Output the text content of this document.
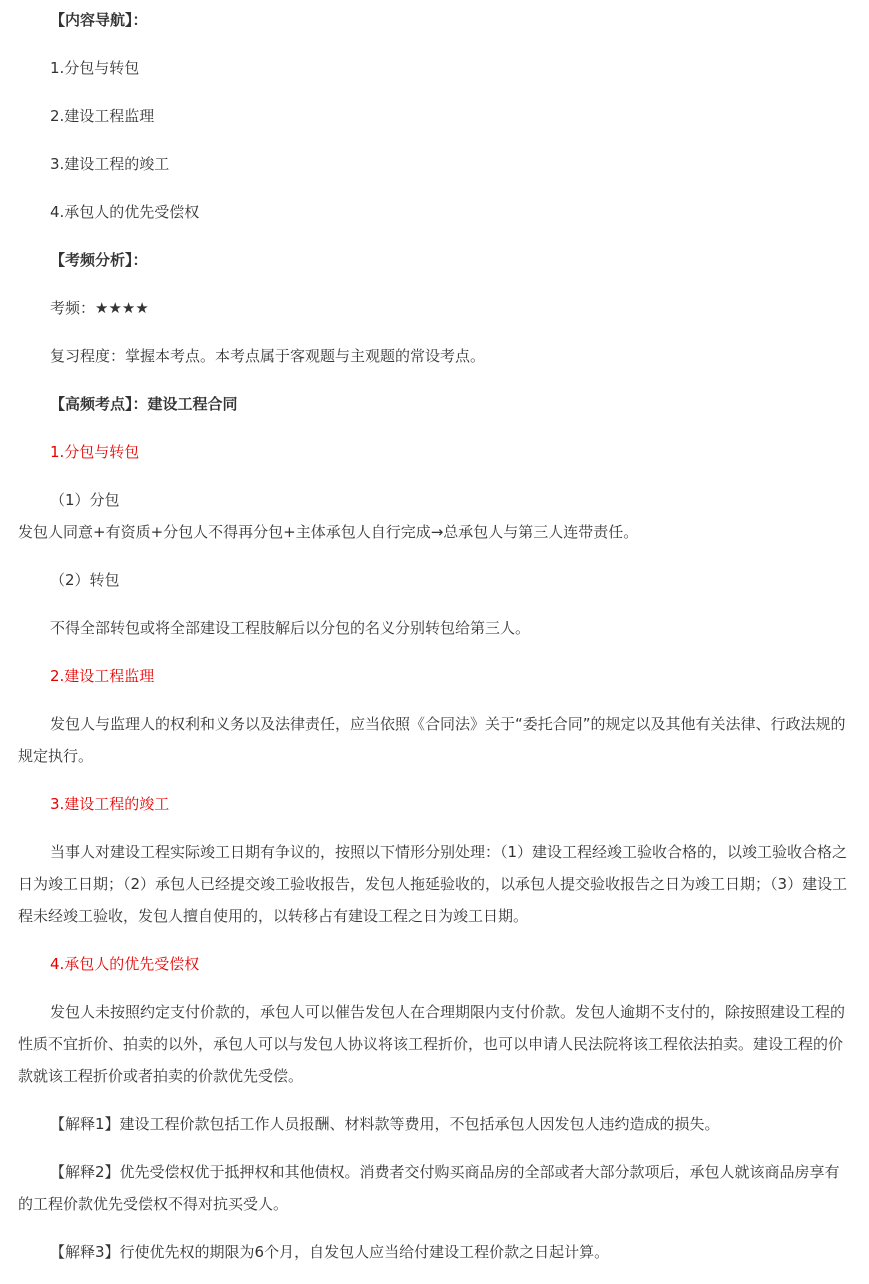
【内容导航】：

1.分包与转包

2.建设工程监理

3.建设工程的竣工

4.承包人的优先受偿权

【考频分析】：

考频：★★★★

复习程度：掌握本考点。本考点属于客观题与主观题的常设考点。

【高频考点】：建设工程合同

1.分包与转包

（1）分包

发包人同意+有资质+分包人不得再分包+主体承包人自行完成→总承包人与第三人连带责任。

（2）转包

不得全部转包或将全部建设工程肢解后以分包的名义分别转包给第三人。

2.建设工程监理

发包人与监理人的权利和义务以及法律责任，应当依照《合同法》关于“委托合同”的规定以及其他有关法律、行政法规的规定执行。

3.建设工程的竣工

当事人对建设工程实际竣工日期有争议的，按照以下情形分别处理：（1）建设工程经竣工验收合格的，以竣工验收合格之日为竣工日期；（2）承包人已经提交竣工验收报告，发包人拖延验收的，以承包人提交验收报告之日为竣工日期；（3）建设工程未经竣工验收，发包人擅自使用的，以转移占有建设工程之日为竣工日期。

4.承包人的优先受偿权

发包人未按照约定支付价款的，承包人可以催告发包人在合理期限内支付价款。发包人逾期不支付的，除按照建设工程的性质不宜折价、拍卖的以外，承包人可以与发包人协议将该工程折价，也可以申请人民法院将该工程依法拍卖。建设工程的价款就该工程折价或者拍卖的价款优先受偿。

【解释1】建设工程价款包括工作人员报酬、材料款等费用，不包括承包人因发包人违约造成的损失。

【解释2】优先受偿权优于抵押权和其他债权。消费者交付购买商品房的全部或者大部分款项后，承包人就该商品房享有的工程价款优先受偿权不得对抗买受人。

【解释3】行使优先权的期限为6个月，自发包人应当给付建设工程价款之日起计算。
